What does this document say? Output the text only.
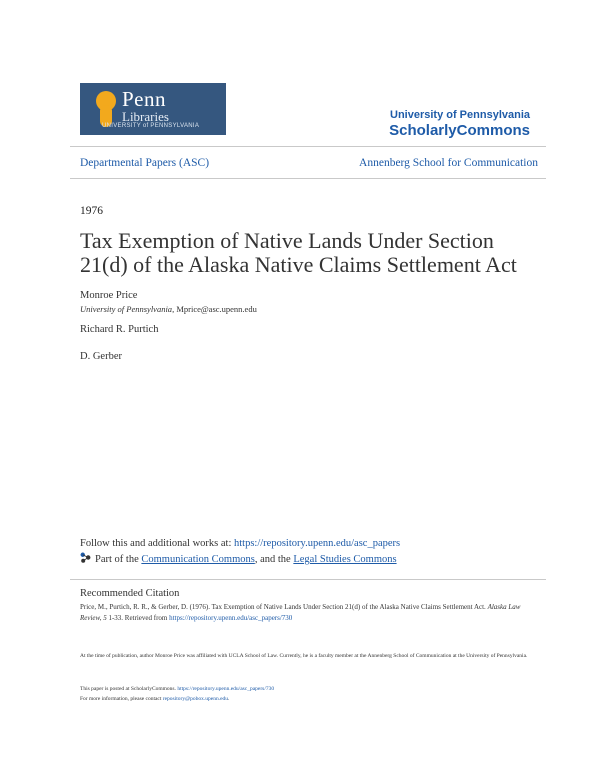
Penn
Libraries
UNIVERSITY of PENNSYLVANIA
University of Pennsylvania
ScholarlyCommons
Departmental Papers (ASC)	Annenberg School for Communication
1976
Tax Exemption of Native Lands Under Section 21(d) of the Alaska Native Claims Settlement Act
Monroe Price
University of Pennsylvania, Mprice@asc.upenn.edu
Richard R. Purtich
D. Gerber
Follow this and additional works at: https://repository.upenn.edu/asc_papers
Part of the Communication Commons, and the Legal Studies Commons
Recommended Citation
Price, M., Purtich, R. R., & Gerber, D. (1976). Tax Exemption of Native Lands Under Section 21(d) of the Alaska Native Claims Settlement Act. Alaska Law Review, 5 1-33. Retrieved from https://repository.upenn.edu/asc_papers/730
At the time of publication, author Monroe Price was affiliated with UCLA School of Law. Currently, he is a faculty member at the Annenberg School of Communication at the University of Pennsylvania.
This paper is posted at ScholarlyCommons. https://repository.upenn.edu/asc_papers/730
For more information, please contact repository@pobox.upenn.edu.
